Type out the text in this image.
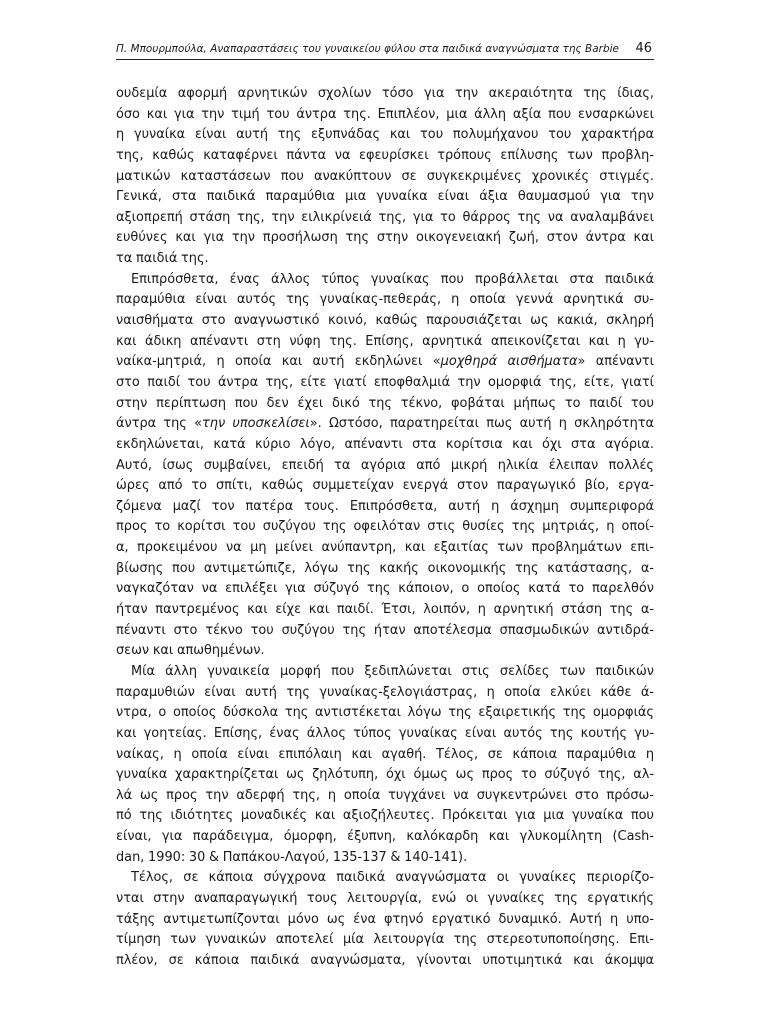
Π. Μπουρμπούλα, Αναπαραστάσεις του γυναικείου φύλου στα παιδικά αναγνώσματα της Barbie 46
ουδεμία αφορμή αρνητικών σχολίων τόσο για την ακεραιότητα της ίδιας,
όσο και για την τιμή του άντρα της. Επιπλέον, μια άλλη αξία που ενσαρκώνει
η γυναίκα είναι αυτή της εξυπνάδας και του πολυμήχανου του χαρακτήρα
της, καθώς καταφέρνει πάντα να εφευρίσκει τρόπους επίλυσης των προβλη-
ματικών καταστάσεων που ανακύπτουν σε συγκεκριμένες χρονικές στιγμές.
Γενικά, στα παιδικά παραμύθια μια γυναίκα είναι άξια θαυμασμού για την
αξιοπρεπή στάση της, την ειλικρίνειά της, για το θάρρος της να αναλαμβάνει
ευθύνες και για την προσήλωση της στην οικογενειακή ζωή, στον άντρα και
τα παιδιά της.
Επιπρόσθετα, ένας άλλος τύπος γυναίκας που προβάλλεται στα παιδικά
παραμύθια είναι αυτός της γυναίκας-πεθεράς, η οποία γεννά αρνητικά συ-
ναισθήματα στο αναγνωστικό κοινό, καθώς παρουσιάζεται ως κακιά, σκληρή
και άδικη απέναντι στη νύφη της. Επίσης, αρνητικά απεικονίζεται και η γυ-
ναίκα-μητριά, η οποία και αυτή εκδηλώνει «μοχθηρά αισθήματα» απέναντι
στο παιδί του άντρα της, είτε γιατί εποφθαλμιά την ομορφιά της, είτε, γιατί
στην περίπτωση που δεν έχει δικό της τέκνο, φοβάται μήπως το παιδί του
άντρα της «την υποσκελίσει». Ωστόσο, παρατηρείται πως αυτή η σκληρότητα
εκδηλώνεται, κατά κύριο λόγο, απέναντι στα κορίτσια και όχι στα αγόρια.
Αυτό, ίσως συμβαίνει, επειδή τα αγόρια από μικρή ηλικία έλειπαν πολλές
ώρες από το σπίτι, καθώς συμμετείχαν ενεργά στον παραγωγικό βίο, εργα-
ζόμενα μαζί τον πατέρα τους. Επιπρόσθετα, αυτή η άσχημη συμπεριφορά
προς το κορίτσι του συζύγου της οφειλόταν στις θυσίες της μητριάς, η οποί-
α, προκειμένου να μη μείνει ανύπαντρη, και εξαιτίας των προβλημάτων επι-
βίωσης που αντιμετώπιζε, λόγω της κακής οικονομικής της κατάστασης, α-
ναγκαζόταν να επιλέξει για σύζυγό της κάποιον, ο οποίος κατά το παρελθόν
ήταν παντρεμένος και είχε και παιδί. Έτσι, λοιπόν, η αρνητική στάση της α-
πέναντι στο τέκνο του συζύγου της ήταν αποτέλεσμα σπασμωδικών αντιδρά-
σεων και απωθημένων.
Μία άλλη γυναικεία μορφή που ξεδιπλώνεται στις σελίδες των παιδικών
παραμυθιών είναι αυτή της γυναίκας-ξελογιάστρας, η οποία ελκύει κάθε ά-
ντρα, ο οποίος δύσκολα της αντιστέκεται λόγω της εξαιρετικής της ομορφιάς
και γοητείας. Επίσης, ένας άλλος τύπος γυναίκας είναι αυτός της κουτής γυ-
ναίκας, η οποία είναι επιπόλαιη και αγαθή. Τέλος, σε κάποια παραμύθια η
γυναίκα χαρακτηρίζεται ως ζηλότυπη, όχι όμως ως προς το σύζυγό της, αλ-
λά ως προς την αδερφή της, η οποία τυγχάνει να συγκεντρώνει στο πρόσω-
πό της ιδιότητες μοναδικές και αξιοζήλευτες. Πρόκειται για μια γυναίκα που
είναι, για παράδειγμα, όμορφη, έξυπνη, καλόκαρδη και γλυκομίλητη (Cash-
dan, 1990: 30 & Παπάκου-Λαγού, 135-137 & 140-141).
Τέλος, σε κάποια σύγχρονα παιδικά αναγνώσματα οι γυναίκες περιορίζο-
νται στην αναπαραγωγική τους λειτουργία, ενώ οι γυναίκες της εργατικής
τάξης αντιμετωπίζονται μόνο ως ένα φτηνό εργατικό δυναμικό. Αυτή η υπο-
τίμηση των γυναικών αποτελεί μία λειτουργία της στερεοτυποποίησης. Επι-
πλέον, σε κάποια παιδικά αναγνώσματα, γίνονται υποτιμητικά και άκομψα
